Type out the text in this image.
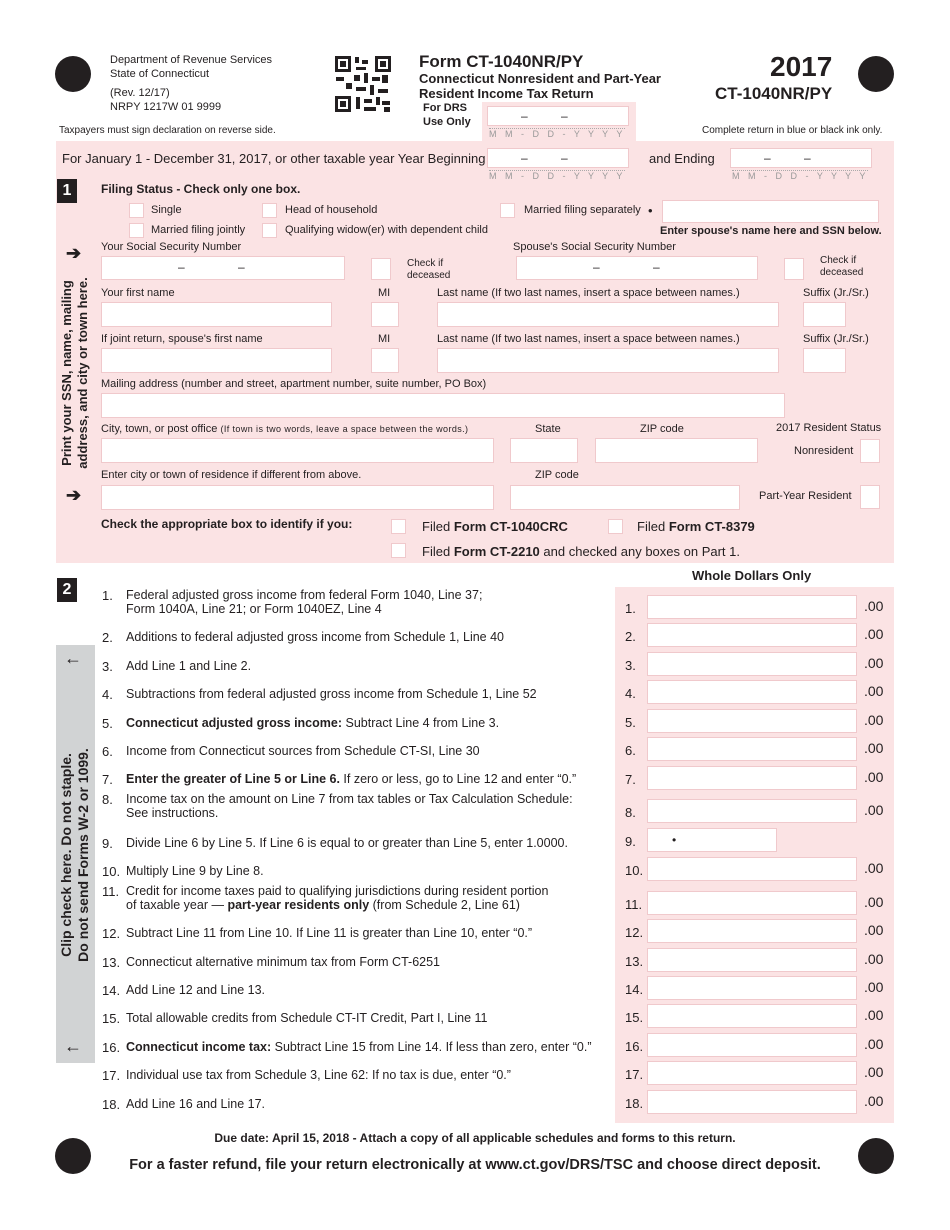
Department of Revenue Services
State of Connecticut
(Rev. 12/17)
NRPY 1217W 01 9999
Form CT-1040NR/PY
Connecticut Nonresident and Part-Year
Resident Income Tax Return
For DRS
Use Only	–	–
M M - D D - Y Y Y Y
2017
CT-1040NR/PY
Taxpayers must sign declaration on reverse side.	Complete return in blue or black ink only.
For January 1 - December 31, 2017, or other taxable year Year Beginning	–	–
M M - D D - Y Y Y Y
and Ending	–	–
M M - D D - Y Y Y Y
1	Filing Status - Check only one box.
Single	Head of household	Married filing separately •
Married filing jointly	Qualifying widow(er) with dependent child	Enter spouse's name here and SSN below.
➔ Your Social Security Number
–	–	Check if
deceased
Spouse's Social Security Number
–	–	Check if
deceased
Your first name	MI	Last name (If two last names, insert a space between names.)	Suffix (Jr./Sr.)
If joint return, spouse's first name	MI	Last name (If two last names, insert a space between names.)	Suffix (Jr./Sr.)
Mailing address (number and street, apartment number, suite number, PO Box)
City, town, or post office (If town is two words, leave a space between the words.)	State	ZIP code	2017 Resident Status
Nonresident
Enter city or town of residence if different from above.	ZIP code
➔	Part-Year Resident
Print your SSN, name, mailing address, and city or town here.
Check the appropriate box to identify if you:	Filed Form CT-1040CRC	Filed Form CT-8379
Filed Form CT-2210 and checked any boxes on Part 1.
2
Whole Dollars Only
←
←
Clip check here. Do not staple. Do not send Forms W-2 or 1099.
1. Federal adjusted gross income from federal Form 1040, Line 37;
Form 1040A, Line 21; or Form 1040EZ, Line 4	1.	.00
2. Additions to federal adjusted gross income from Schedule 1, Line 40	2.	.00
3. Add Line 1 and Line 2.	3.	.00
4. Subtractions from federal adjusted gross income from Schedule 1, Line 52	4.	.00
5. Connecticut adjusted gross income: Subtract Line 4 from Line 3.	5.	.00
6. Income from Connecticut sources from Schedule CT-SI, Line 30	6.	.00
7. Enter the greater of Line 5 or Line 6. If zero or less, go to Line 12 and enter “0.”	7.	.00
8. Income tax on the amount on Line 7 from tax tables or Tax Calculation Schedule:
See instructions.	8.	.00
9. Divide Line 6 by Line 5. If Line 6 is equal to or greater than Line 5, enter 1.0000.	9.	•
10. Multiply Line 9 by Line 8.	10.	.00
11. Credit for income taxes paid to qualifying jurisdictions during resident portion
of taxable year — part-year residents only (from Schedule 2, Line 61)	11.	.00
12. Subtract Line 11 from Line 10. If Line 11 is greater than Line 10, enter “0.”	12.	.00
13. Connecticut alternative minimum tax from Form CT-6251	13.	.00
14. Add Line 12 and Line 13.	14.	.00
15. Total allowable credits from Schedule CT-IT Credit, Part I, Line 11	15.	.00
16. Connecticut income tax: Subtract Line 15 from Line 14. If less than zero, enter “0.”	16.	.00
17. Individual use tax from Schedule 3, Line 62: If no tax is due, enter “0.”	17.	.00
18. Add Line 16 and Line 17.	18.	.00
Due date: April 15, 2018 - Attach a copy of all applicable schedules and forms to this return.
For a faster refund, file your return electronically at www.ct.gov/DRS/TSC and choose direct deposit.
